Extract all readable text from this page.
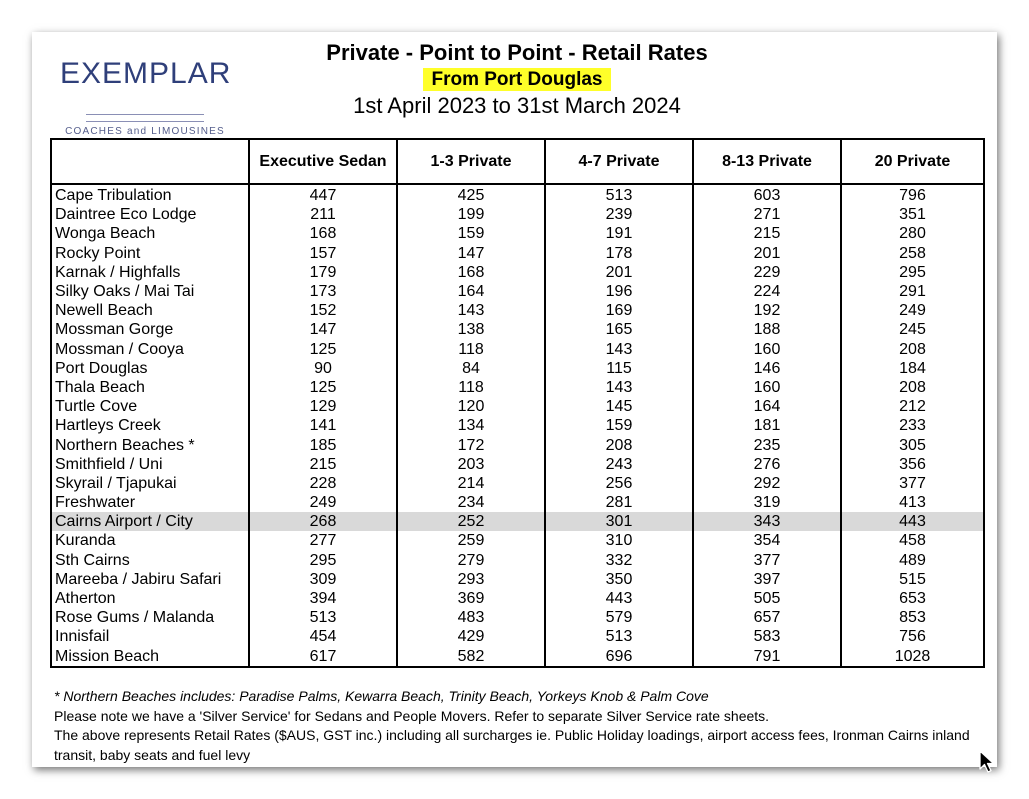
EXEMPLAR
COACHES and LIMOUSINES
Private - Point to Point - Retail Rates
From Port Douglas
1st April 2023 to 31st March 2024
	Executive Sedan	1-3 Private	4-7 Private	8-13 Private	20 Private
Cape Tribulation	447	425	513	603	796
Daintree Eco Lodge	211	199	239	271	351
Wonga Beach	168	159	191	215	280
Rocky Point	157	147	178	201	258
Karnak / Highfalls	179	168	201	229	295
Silky Oaks / Mai Tai	173	164	196	224	291
Newell Beach	152	143	169	192	249
Mossman Gorge	147	138	165	188	245
Mossman / Cooya	125	118	143	160	208
Port Douglas	90	84	115	146	184
Thala Beach	125	118	143	160	208
Turtle Cove	129	120	145	164	212
Hartleys Creek	141	134	159	181	233
Northern Beaches *	185	172	208	235	305
Smithfield / Uni	215	203	243	276	356
Skyrail / Tjapukai	228	214	256	292	377
Freshwater	249	234	281	319	413
Cairns Airport / City	268	252	301	343	443
Kuranda	277	259	310	354	458
Sth Cairns	295	279	332	377	489
Mareeba / Jabiru Safari	309	293	350	397	515
Atherton	394	369	443	505	653
Rose Gums / Malanda	513	483	579	657	853
Innisfail	454	429	513	583	756
Mission Beach	617	582	696	791	1028
* Northern Beaches includes: Paradise Palms, Kewarra Beach, Trinity Beach, Yorkeys Knob & Palm Cove
Please note we have a 'Silver Service' for Sedans and People Movers. Refer to separate Silver Service rate sheets.
The above represents Retail Rates ($AUS, GST inc.) including all surcharges ie. Public Holiday loadings, airport access fees, Ironman Cairns inland transit, baby seats and fuel levy
